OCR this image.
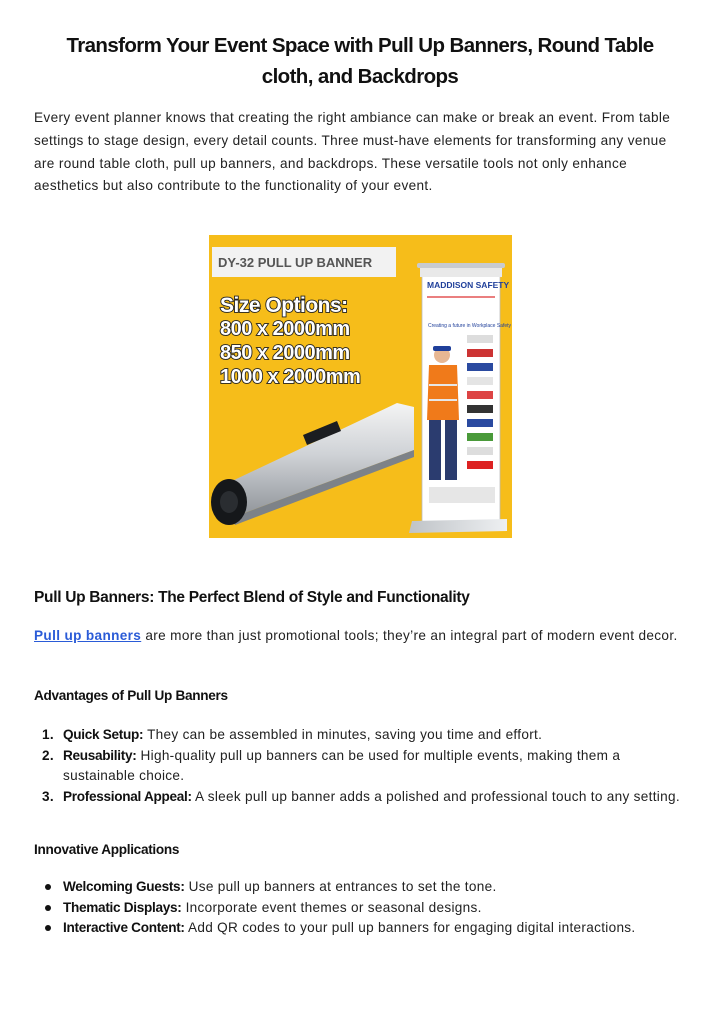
Transform Your Event Space with Pull Up Banners, Round Table cloth, and Backdrops

Every event planner knows that creating the right ambiance can make or break an event. From table settings to stage design, every detail counts. Three must-have elements for transforming any venue are round table cloth, pull up banners, and backdrops. These versatile tools not only enhance aesthetics but also contribute to the functionality of your event.

DY-32 PULL UP BANNER
Size Options:
800 x 2000mm
850 x 2000mm
1000 x 2000mm
MADDISON SAFETY
Creating a future in Workplace Safety
Pull Up Banners: The Perfect Blend of Style and Functionality

Pull up banners are more than just promotional tools; they’re an integral part of modern event decor.

Advantages of Pull Up Banners
1. Quick Setup: They can be assembled in minutes, saving you time and effort.
2. Reusability: High-quality pull up banners can be used for multiple events, making them a sustainable choice.
3. Professional Appeal: A sleek pull up banner adds a polished and professional touch to any setting.
Innovative Applications
Welcoming Guests: Use pull up banners at entrances to set the tone.
Thematic Displays: Incorporate event themes or seasonal designs.
Interactive Content: Add QR codes to your pull up banners for engaging digital interactions.
